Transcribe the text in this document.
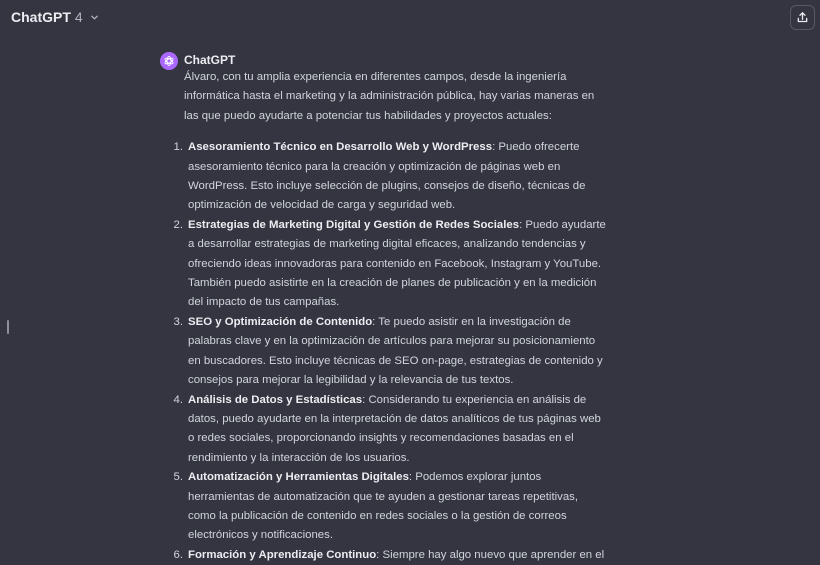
ChatGPT 4
ChatGPT

Álvaro, con tu amplia experiencia en diferentes campos, desde la ingeniería informática hasta el marketing y la administración pública, hay varias maneras en las que puedo ayudarte a potenciar tus habilidades y proyectos actuales:

1. Asesoramiento Técnico en Desarrollo Web y WordPress: Puedo ofrecerte asesoramiento técnico para la creación y optimización de páginas web en WordPress. Esto incluye selección de plugins, consejos de diseño, técnicas de optimización de velocidad de carga y seguridad web.
2. Estrategias de Marketing Digital y Gestión de Redes Sociales: Puedo ayudarte a desarrollar estrategias de marketing digital eficaces, analizando tendencias y ofreciendo ideas innovadoras para contenido en Facebook, Instagram y YouTube. También puedo asistirte en la creación de planes de publicación y en la medición del impacto de tus campañas.
3. SEO y Optimización de Contenido: Te puedo asistir en la investigación de palabras clave y en la optimización de artículos para mejorar su posicionamiento en buscadores. Esto incluye técnicas de SEO on-page, estrategias de contenido y consejos para mejorar la legibilidad y la relevancia de tus textos.
4. Análisis de Datos y Estadísticas: Considerando tu experiencia en análisis de datos, puedo ayudarte en la interpretación de datos analíticos de tus páginas web o redes sociales, proporcionando insights y recomendaciones basadas en el rendimiento y la interacción de los usuarios.
5. Automatización y Herramientas Digitales: Podemos explorar juntos herramientas de automatización que te ayuden a gestionar tareas repetitivas, como la publicación de contenido en redes sociales o la gestión de correos electrónicos y notificaciones.
6. Formación y Aprendizaje Continuo: Siempre hay algo nuevo que aprender en el
